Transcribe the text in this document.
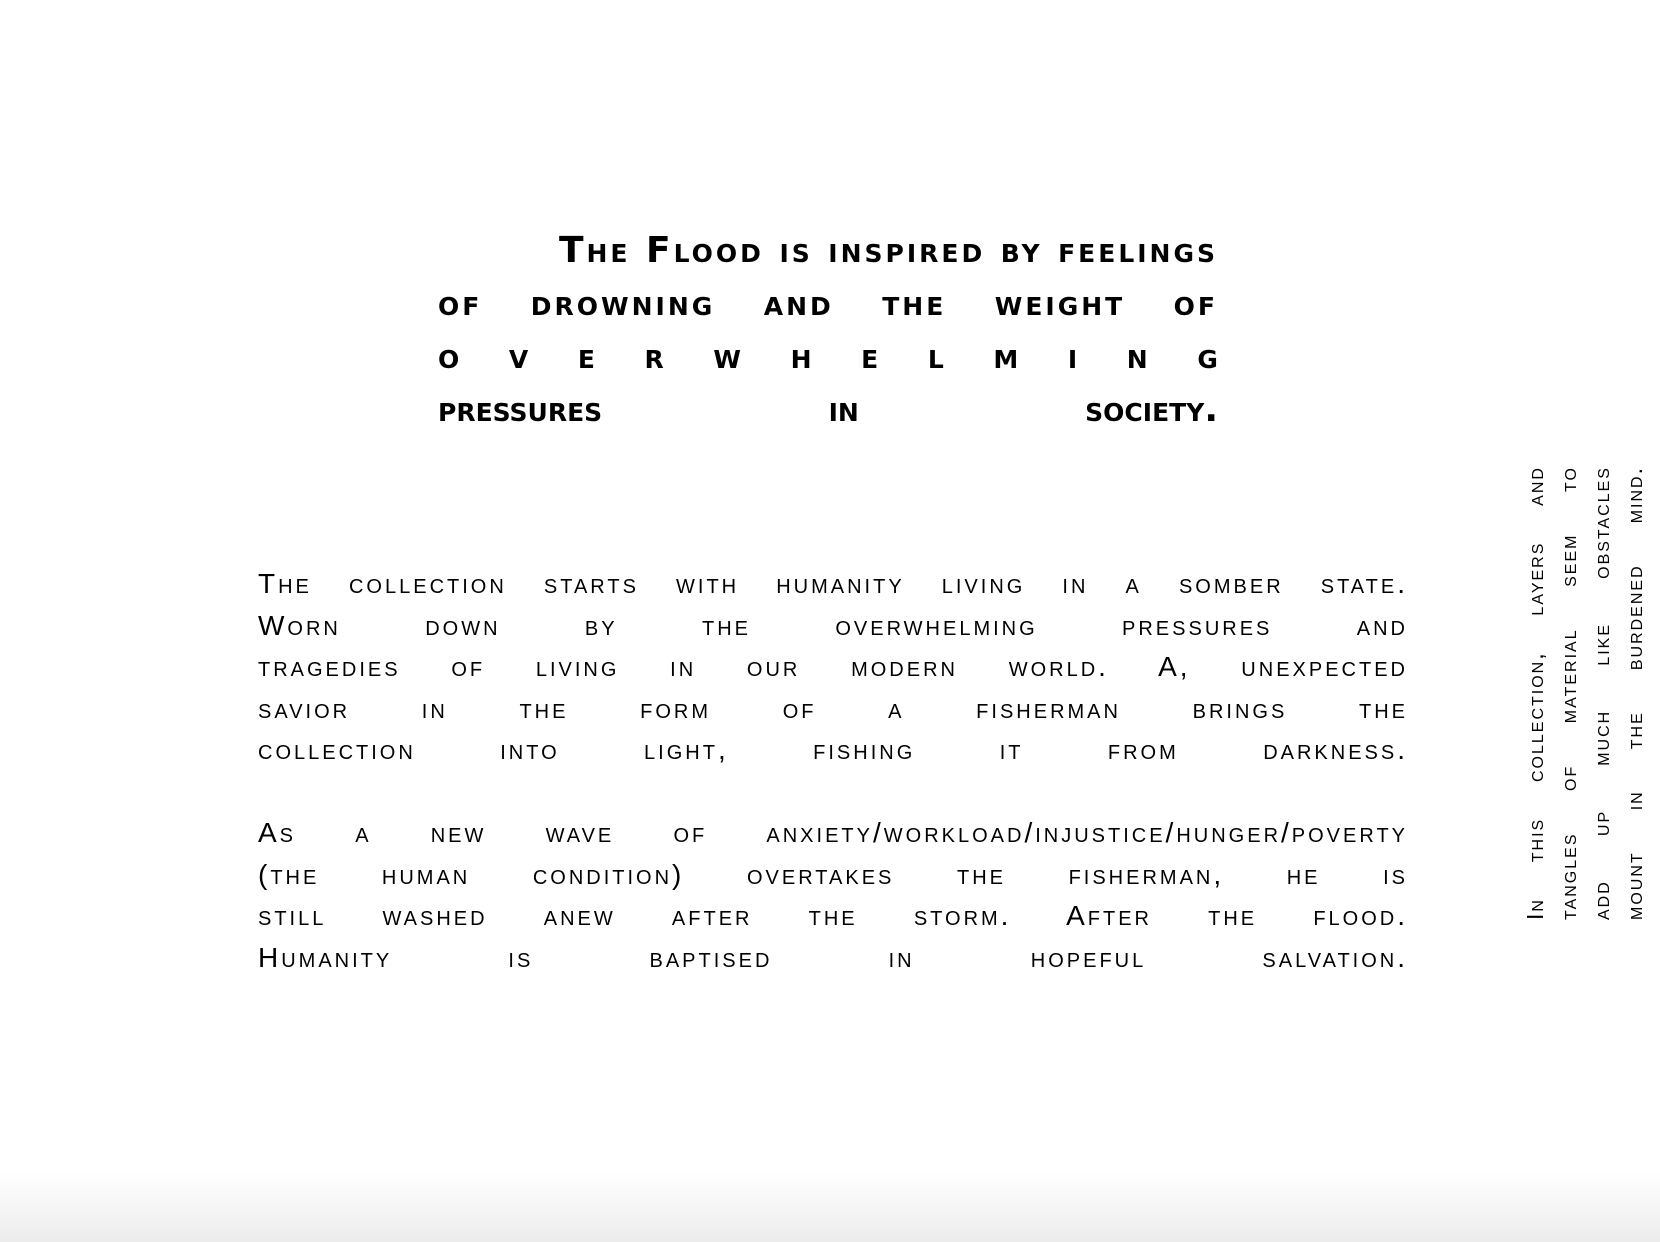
The Flood is inspired by feelings
of drowning and the weight of
o v e r w h e l m i n g
pressures	in	society.
The collection starts with humanity living in a somber state.
Worn down by the overwhelming pressures and
tragedies of living in our modern world. A, unexpected
savior in the form of a fisherman brings the
collection into light, fishing it from darkness.
As a new wave of anxiety/workload/injustice/hunger/poverty
(the human condition) overtakes the fisherman, he is
still washed anew after the storm. After the flood.
Humanity is baptised in hopeful salvation.
In
this
collection,
layers
and
tangles
of
material
seem
to
add
up
much
like
obstacles
mount
in
the
burdened
mind.
